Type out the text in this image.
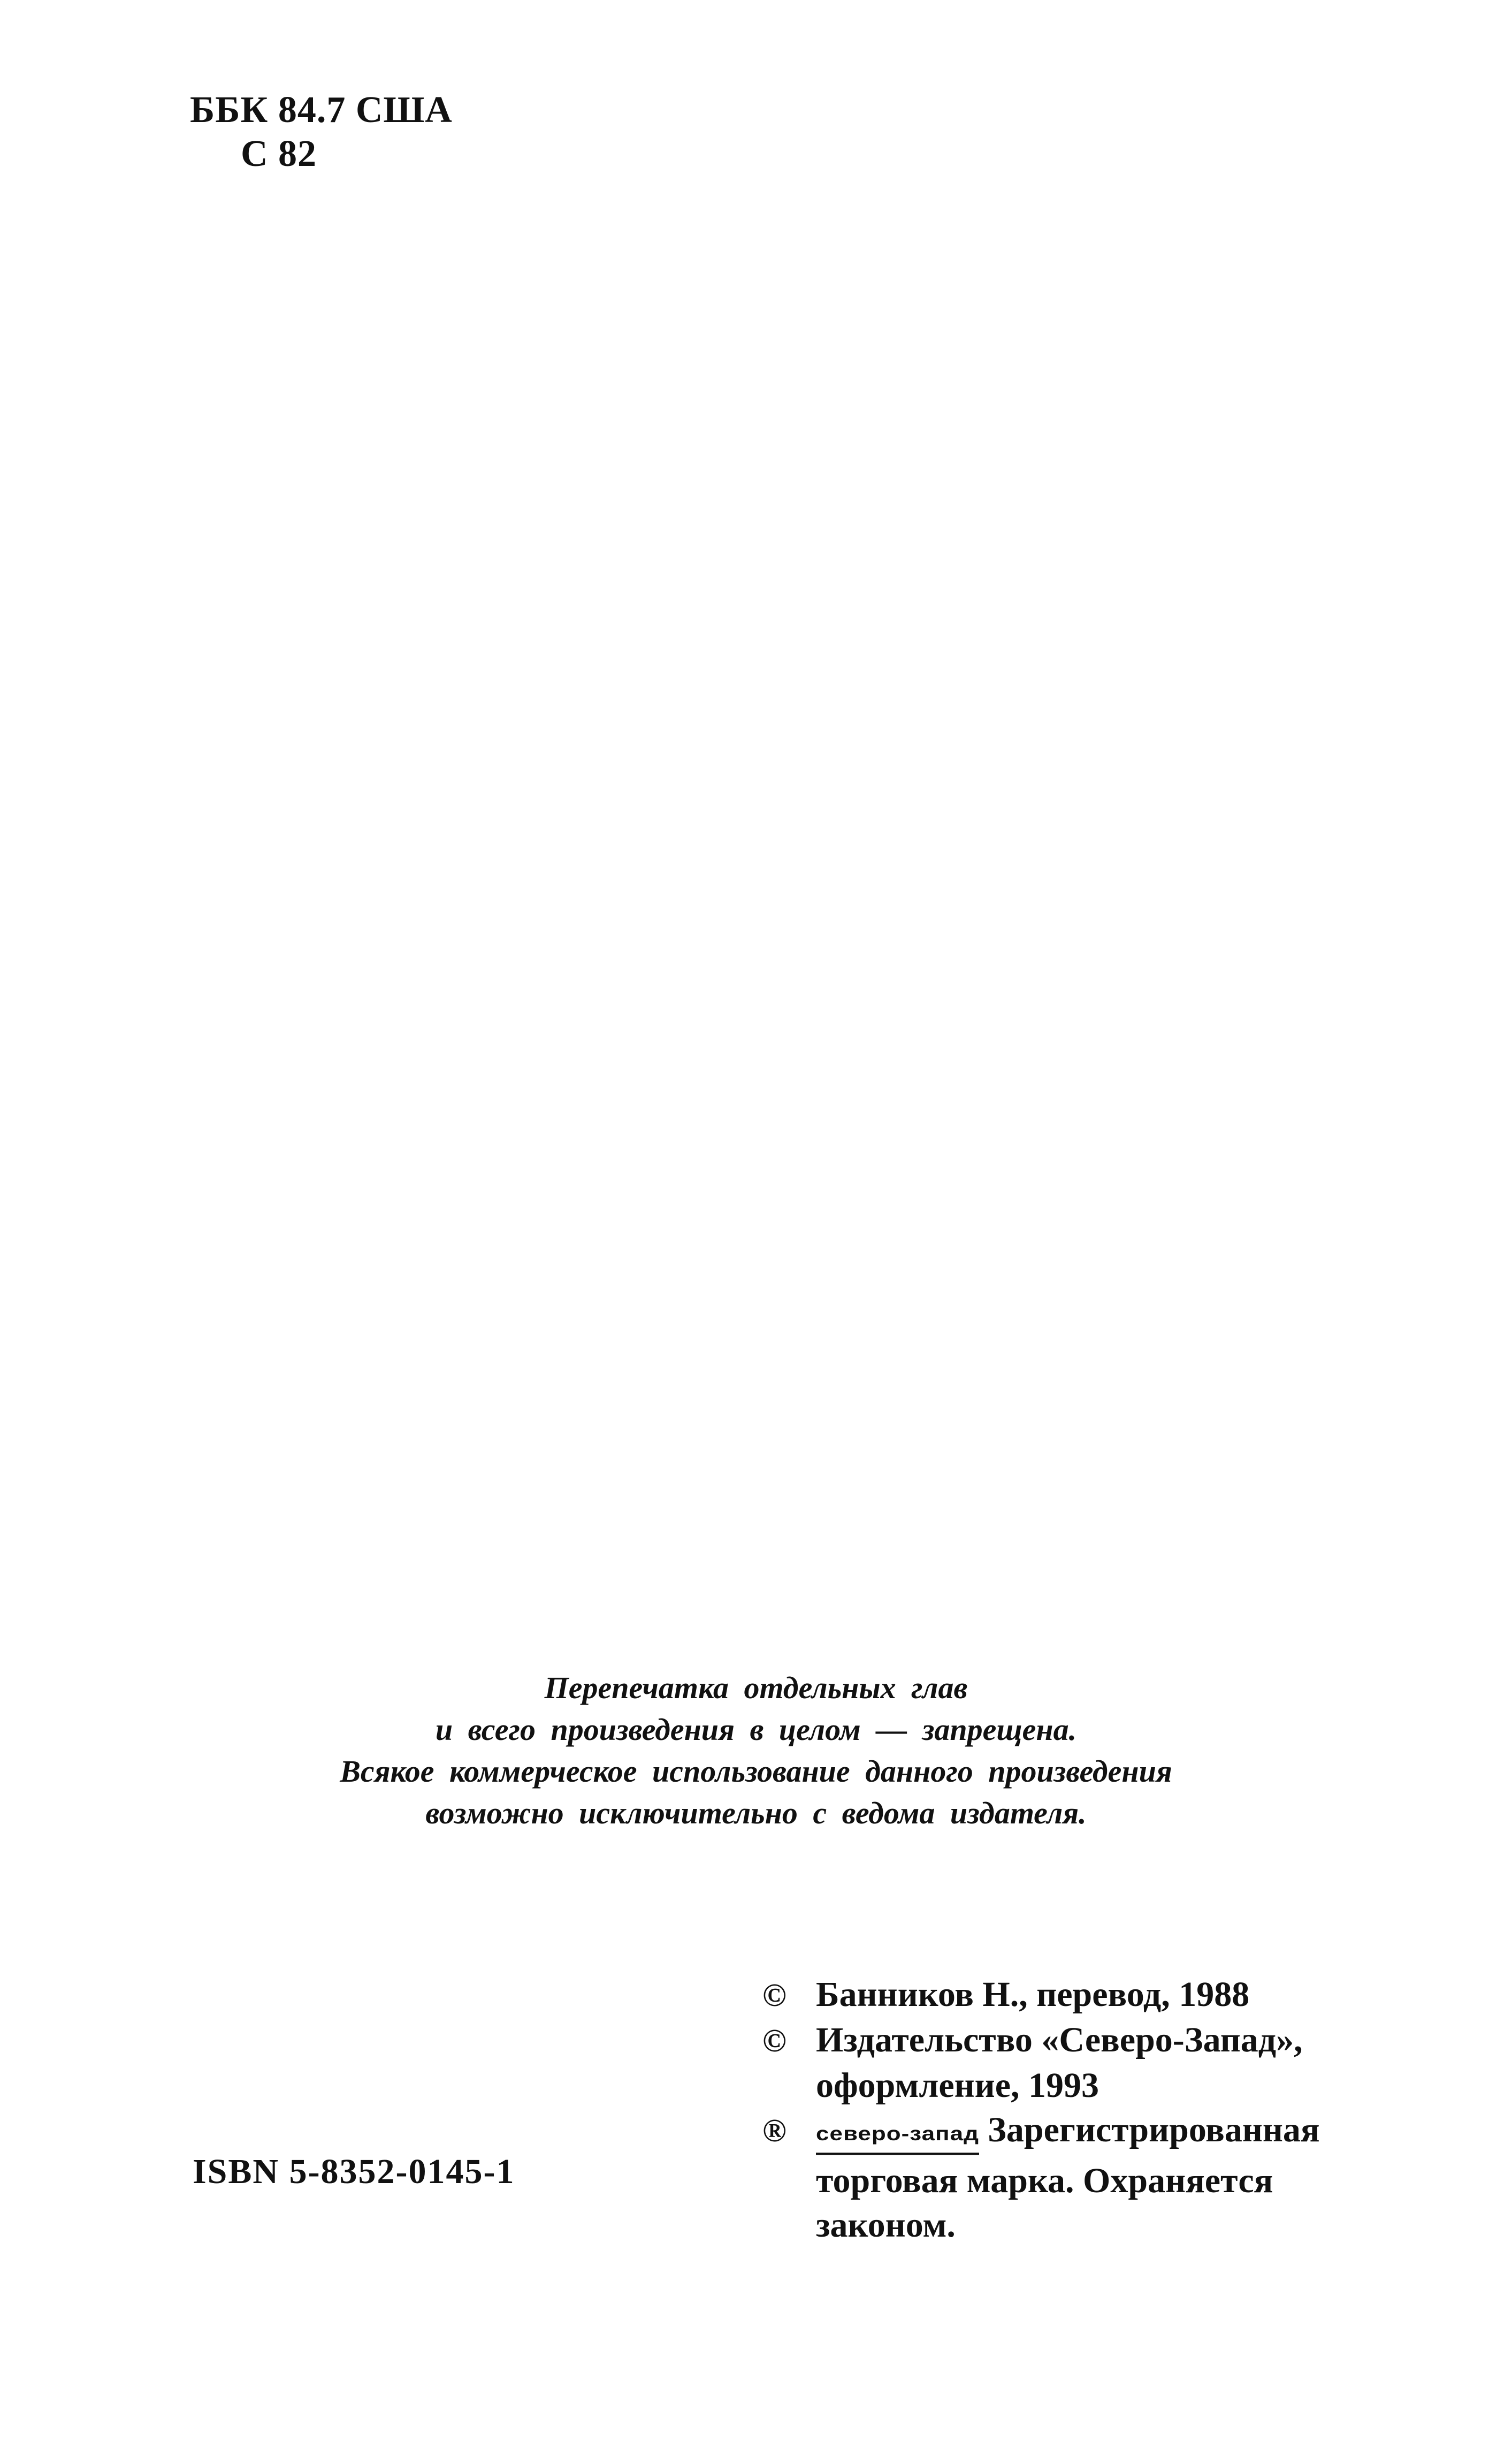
ББК 84.7 США
С 82
Перепечатка отдельных глав
и всего произведения в целом — запрещена.
Всякое коммерческое использование данного произведения
возможно исключительно с ведома издателя.
ISBN 5-8352-0145-1
© Банников Н., перевод, 1988
© Издательство «Северо-Запад»,
оформление, 1993
®	северо-запад Зарегистрированная
торговая марка. Охраняется
законом.
